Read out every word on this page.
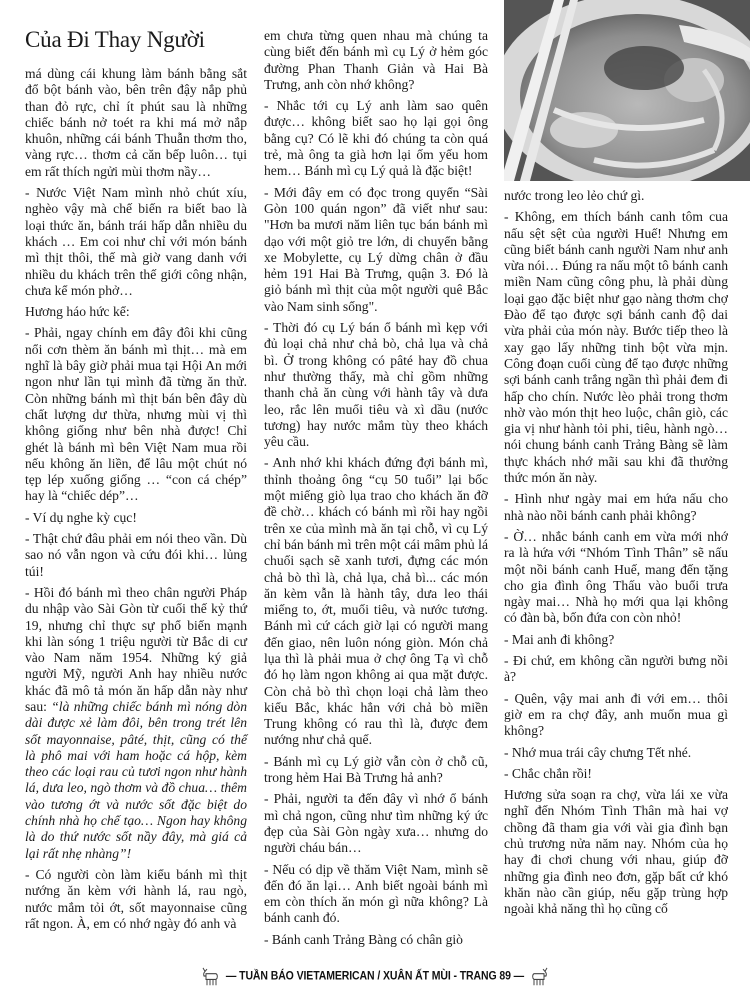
Của Đi Thay Người

má dùng cái khung làm bánh bằng sắt đổ bột bánh vào, bên trên đậy nắp phủ than đỏ rực, chỉ ít phút sau là những chiếc bánh nở toét ra khi má mở nắp khuôn, những cái bánh Thuẫn thơm tho, vàng rực… thơm cả căn bếp luôn… tụi em rất thích ngửi mùi thơm nầy…

- Nước Việt Nam mình nhỏ chút xíu, nghèo vậy mà chế biến ra biết bao là loại thức ăn, bánh trái hấp dẫn nhiều du khách … Em coi như chỉ với món bánh mì thịt thôi, thế mà giờ vang danh với nhiều du khách trên thế giới công nhận, chưa kể món phở…

Hương háo hức kể:

- Phải, ngay chính em đây đôi khi cũng nổi cơn thèm ăn bánh mì thịt… mà em nghĩ là bây giờ phải mua tại Hội An mới ngon như lần tụi mình đã từng ăn thử. Còn những bánh mì thịt bán bên đây dù chất lượng dư thừa, nhưng mùi vị thì không giống như bên nhà được! Chỉ ghét là bánh mì bên Việt Nam mua rồi nếu không ăn liền, để lâu một chút nó tẹp lép xuống giống … “con cá chép” hay là “chiếc dép”…

- Ví dụ nghe kỳ cục!

- Thật chứ đâu phải em nói theo vần. Dù sao nó vẫn ngon và cứu đói khi… lủng túi!

- Hồi đó bánh mì theo chân người Pháp du nhập vào Sài Gòn từ cuối thế kỷ thứ 19, nhưng chỉ thực sự phổ biến mạnh khi làn sóng 1 triệu người từ Bắc di cư vào Nam năm 1954. Những ký giả người Mỹ, người Anh hay nhiều nước khác đã mô tả món ăn hấp dẫn này như sau: “là những chiếc bánh mì nóng dòn dài được xẻ làm đôi, bên trong trét lên sốt mayonnaise, pâté, thịt, cũng có thể là phô mai với ham hoặc cá hộp, kèm theo các loại rau củ tươi ngon như hành lá, dưa leo, ngò thơm và đồ chua… thêm vào tương ớt và nước sốt đặc biệt do chính nhà họ chế tạo… Ngon hay không là do thứ nước sốt nầy đây, mà giá cả lại rất nhẹ nhàng”!

- Có người còn làm kiểu bánh mì thịt nướng ăn kèm với hành lá, rau ngò, nước mắm tỏi ớt, sốt mayonnaise cũng rất ngon. À, em có nhớ ngày đó anh và

em chưa từng quen nhau mà chúng ta cùng biết đến bánh mì cụ Lý ở hẻm góc đường Phan Thanh Giản và Hai Bà Trưng, anh còn nhớ không?

- Nhắc tới cụ Lý anh làm sao quên được… không biết sao họ lại gọi ông bằng cụ? Có lẽ khi đó chúng ta còn quá trẻ, mà ông ta già hơn lại ốm yếu hom hem… Bánh mì cụ Lý quả là đặc biệt!

- Mới đây em có đọc trong quyển “Sài Gòn 100 quán ngon” đã viết như sau: "Hơn ba mươi năm liên tục bán bánh mì dạo với một giỏ tre lớn, di chuyển bằng xe Mobylette, cụ Lý dừng chân ở đầu hẻm 191 Hai Bà Trưng, quận 3. Đó là giỏ bánh mì thịt của một người quê Bắc vào Nam sinh sống".

- Thời đó cụ Lý bán ổ bánh mì kẹp với đủ loại chả như chả bò, chả lụa và chả bì. Ở trong không có pâté hay đồ chua như thường thấy, mà chỉ gồm những thanh chả ăn cùng với hành tây và dưa leo, rắc lên muối tiêu và xì dầu (nước tương) hay nước mắm tùy theo khách yêu cầu.

- Anh nhớ khi khách đứng đợi bánh mì, thỉnh thoảng ông “cụ 50 tuổi” lại bốc một miếng giò lụa trao cho khách ăn đỡ đề chờ… khách có bánh mì rồi hay ngồi trên xe của mình mà ăn tại chỗ, vì cụ Lý chỉ bán bánh mì trên một cái mâm phủ lá chuối sạch sẽ xanh tươi, đựng các món chả bò thì là, chả lụa, chả bì... các món ăn kèm vẫn là hành tây, dưa leo thái miếng to, ớt, muối tiêu, và nước tương. Bánh mì cứ cách giờ lại có người mang đến giao, nên luôn nóng giòn. Món chả lụa thì là phải mua ở chợ ông Tạ vì chỗ đó họ làm ngon không ai qua mặt được. Còn chả bò thì chọn loại chả làm theo kiểu Bắc, khác hẳn với chả bò miền Trung không có rau thì là, được đem nướng như chả quế.

- Bánh mì cụ Lý giờ vẫn còn ở chỗ cũ, trong hẻm Hai Bà Trưng hả anh?

- Phải, người ta đến đây vì nhớ ổ bánh mì chả ngon, cũng như tìm những ký ức đẹp của Sài Gòn ngày xưa… nhưng do người cháu bán…

- Nếu có dịp về thăm Việt Nam, mình sẽ đến đó ăn lại… Anh biết ngoài bánh mì em còn thích ăn món gì nữa không? Là bánh canh đó.

- Bánh canh Trảng Bàng có chân giò

nước trong leo lẻo chứ gì.

- Không, em thích bánh canh tôm cua nấu sệt sệt của người Huế! Nhưng em cũng biết bánh canh người Nam như anh vừa nói… Đúng ra nấu một tô bánh canh miền Nam cũng công phu, là phải dùng loại gạo đặc biệt như gạo nàng thơm chợ Đào để tạo được sợi bánh canh độ dai vừa phải của món này. Bước tiếp theo là xay gạo lấy những tinh bột vừa mịn. Công đoạn cuối cùng để tạo được những sợi bánh canh trắng ngần thì phải đem đi hấp cho chín. Nước lèo phải trong thơm nhờ vào món thịt heo luộc, chân giò, các gia vị như hành tỏi phi, tiêu, hành ngò… nói chung bánh canh Trảng Bàng sẽ làm thực khách nhớ mãi sau khi đã thưởng thức món ăn này.

- Hình như ngày mai em hứa nấu cho nhà nào nồi bánh canh phải không?

- Ờ… nhắc bánh canh em vừa mới nhớ ra là hứa với “Nhóm Tình Thân” sẽ nấu một nồi bánh canh Huế, mang đến tặng cho gia đình ông Thấu vào buổi trưa ngày mai… Nhà họ mới qua lại không có đàn bà, bốn đứa con còn nhỏ!

- Mai anh đi không?

- Đi chứ, em không cần người bưng nồi à?

- Quên, vậy mai anh đi với em… thôi giờ em ra chợ đây, anh muốn mua gì không?

- Nhớ mua trái cây chưng Tết nhé.

- Chắc chắn rồi!

Hương sửa soạn ra chợ, vừa lái xe vừa nghĩ đến Nhóm Tình Thân mà hai vợ chồng đã tham gia với vài gia đình bạn chủ trương nửa năm nay. Nhóm của họ hay đi chơi chung với nhau, giúp đỡ những gia đình neo đơn, gặp bất cứ khó khăn nào cần giúp, nếu gặp trùng hợp ngoài khả năng thì họ cũng cố

— TUẦN BÁO VIETAMERICAN / XUÂN ẤT MÙI - TRANG 89 —
